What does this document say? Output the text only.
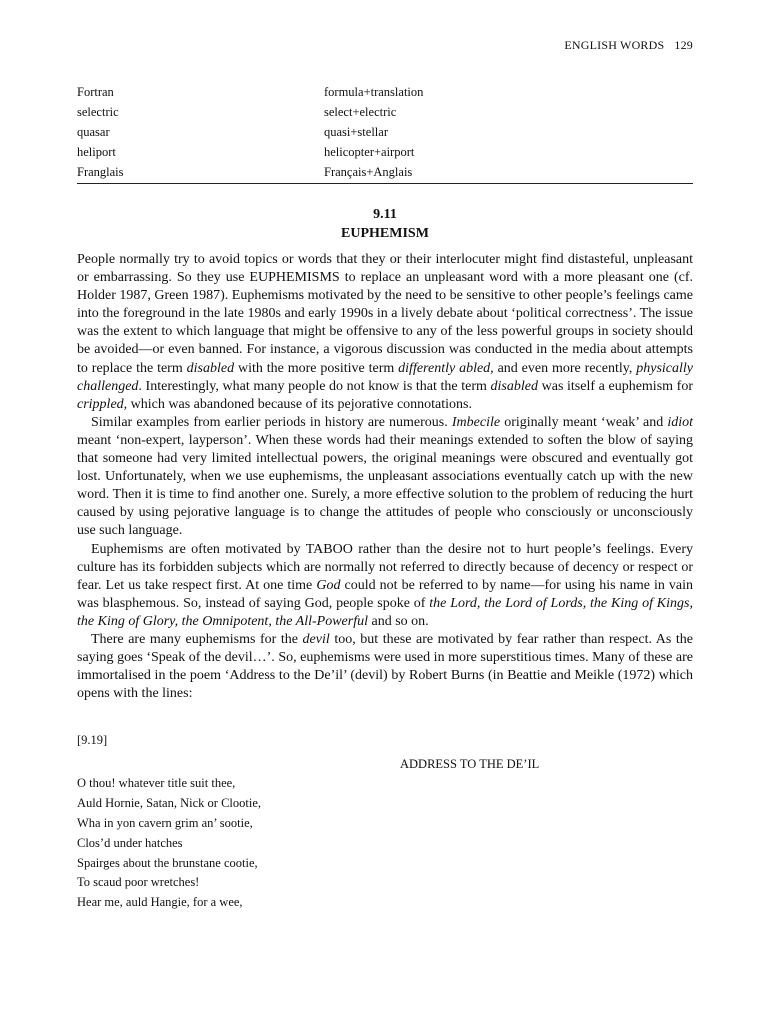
ENGLISH WORDS 129
Fortran	formula+translation
selectric	select+electric
quasar	quasi+stellar
heliport	helicopter+airport
Franglais	Français+Anglais
9.11
EUPHEMISM

People normally try to avoid topics or words that they or their interlocuter might find distasteful, unpleasant or embarrassing. So they use EUPHEMISMS to replace an unpleasant word with a more pleasant one (cf. Holder 1987, Green 1987). Euphemisms motivated by the need to be sensitive to other people’s feelings came into the foreground in the late 1980s and early 1990s in a lively debate about ‘political correctness’. The issue was the extent to which language that might be offensive to any of the less powerful groups in society should be avoided—or even banned. For instance, a vigorous discussion was conducted in the media about attempts to replace the term disabled with the more positive term differently abled, and even more recently, physically challenged. Interestingly, what many people do not know is that the term disabled was itself a euphemism for crippled, which was abandoned because of its pejorative connotations.

Similar examples from earlier periods in history are numerous. Imbecile originally meant ‘weak’ and idiot meant ‘non-expert, layperson’. When these words had their meanings extended to soften the blow of saying that someone had very limited intellectual powers, the original meanings were obscured and eventually got lost. Unfortunately, when we use euphemisms, the unpleasant associations eventually catch up with the new word. Then it is time to find another one. Surely, a more effective solution to the problem of reducing the hurt caused by using pejorative language is to change the attitudes of people who consciously or unconsciously use such language.

Euphemisms are often motivated by TABOO rather than the desire not to hurt people’s feelings. Every culture has its forbidden subjects which are normally not referred to directly because of decency or respect or fear. Let us take respect first. At one time God could not be referred to by name—for using his name in vain was blasphemous. So, instead of saying God, people spoke of the Lord, the Lord of Lords, the King of Kings, the King of Glory, the Omnipotent, the All-Powerful and so on.

There are many euphemisms for the devil too, but these are motivated by fear rather than respect. As the saying goes ‘Speak of the devil…’. So, euphemisms were used in more superstitious times. Many of these are immortalised in the poem ‘Address to the De’il’ (devil) by Robert Burns (in Beattie and Meikle (1972) which opens with the lines:

[9.19]
ADDRESS TO THE DE’IL
O thou! whatever title suit thee,
Auld Hornie, Satan, Nick or Clootie,
Wha in yon cavern grim an’ sootie,
Clos’d under hatches
Spairges about the brunstane cootie,
To scaud poor wretches!
Hear me, auld Hangie, for a wee,
